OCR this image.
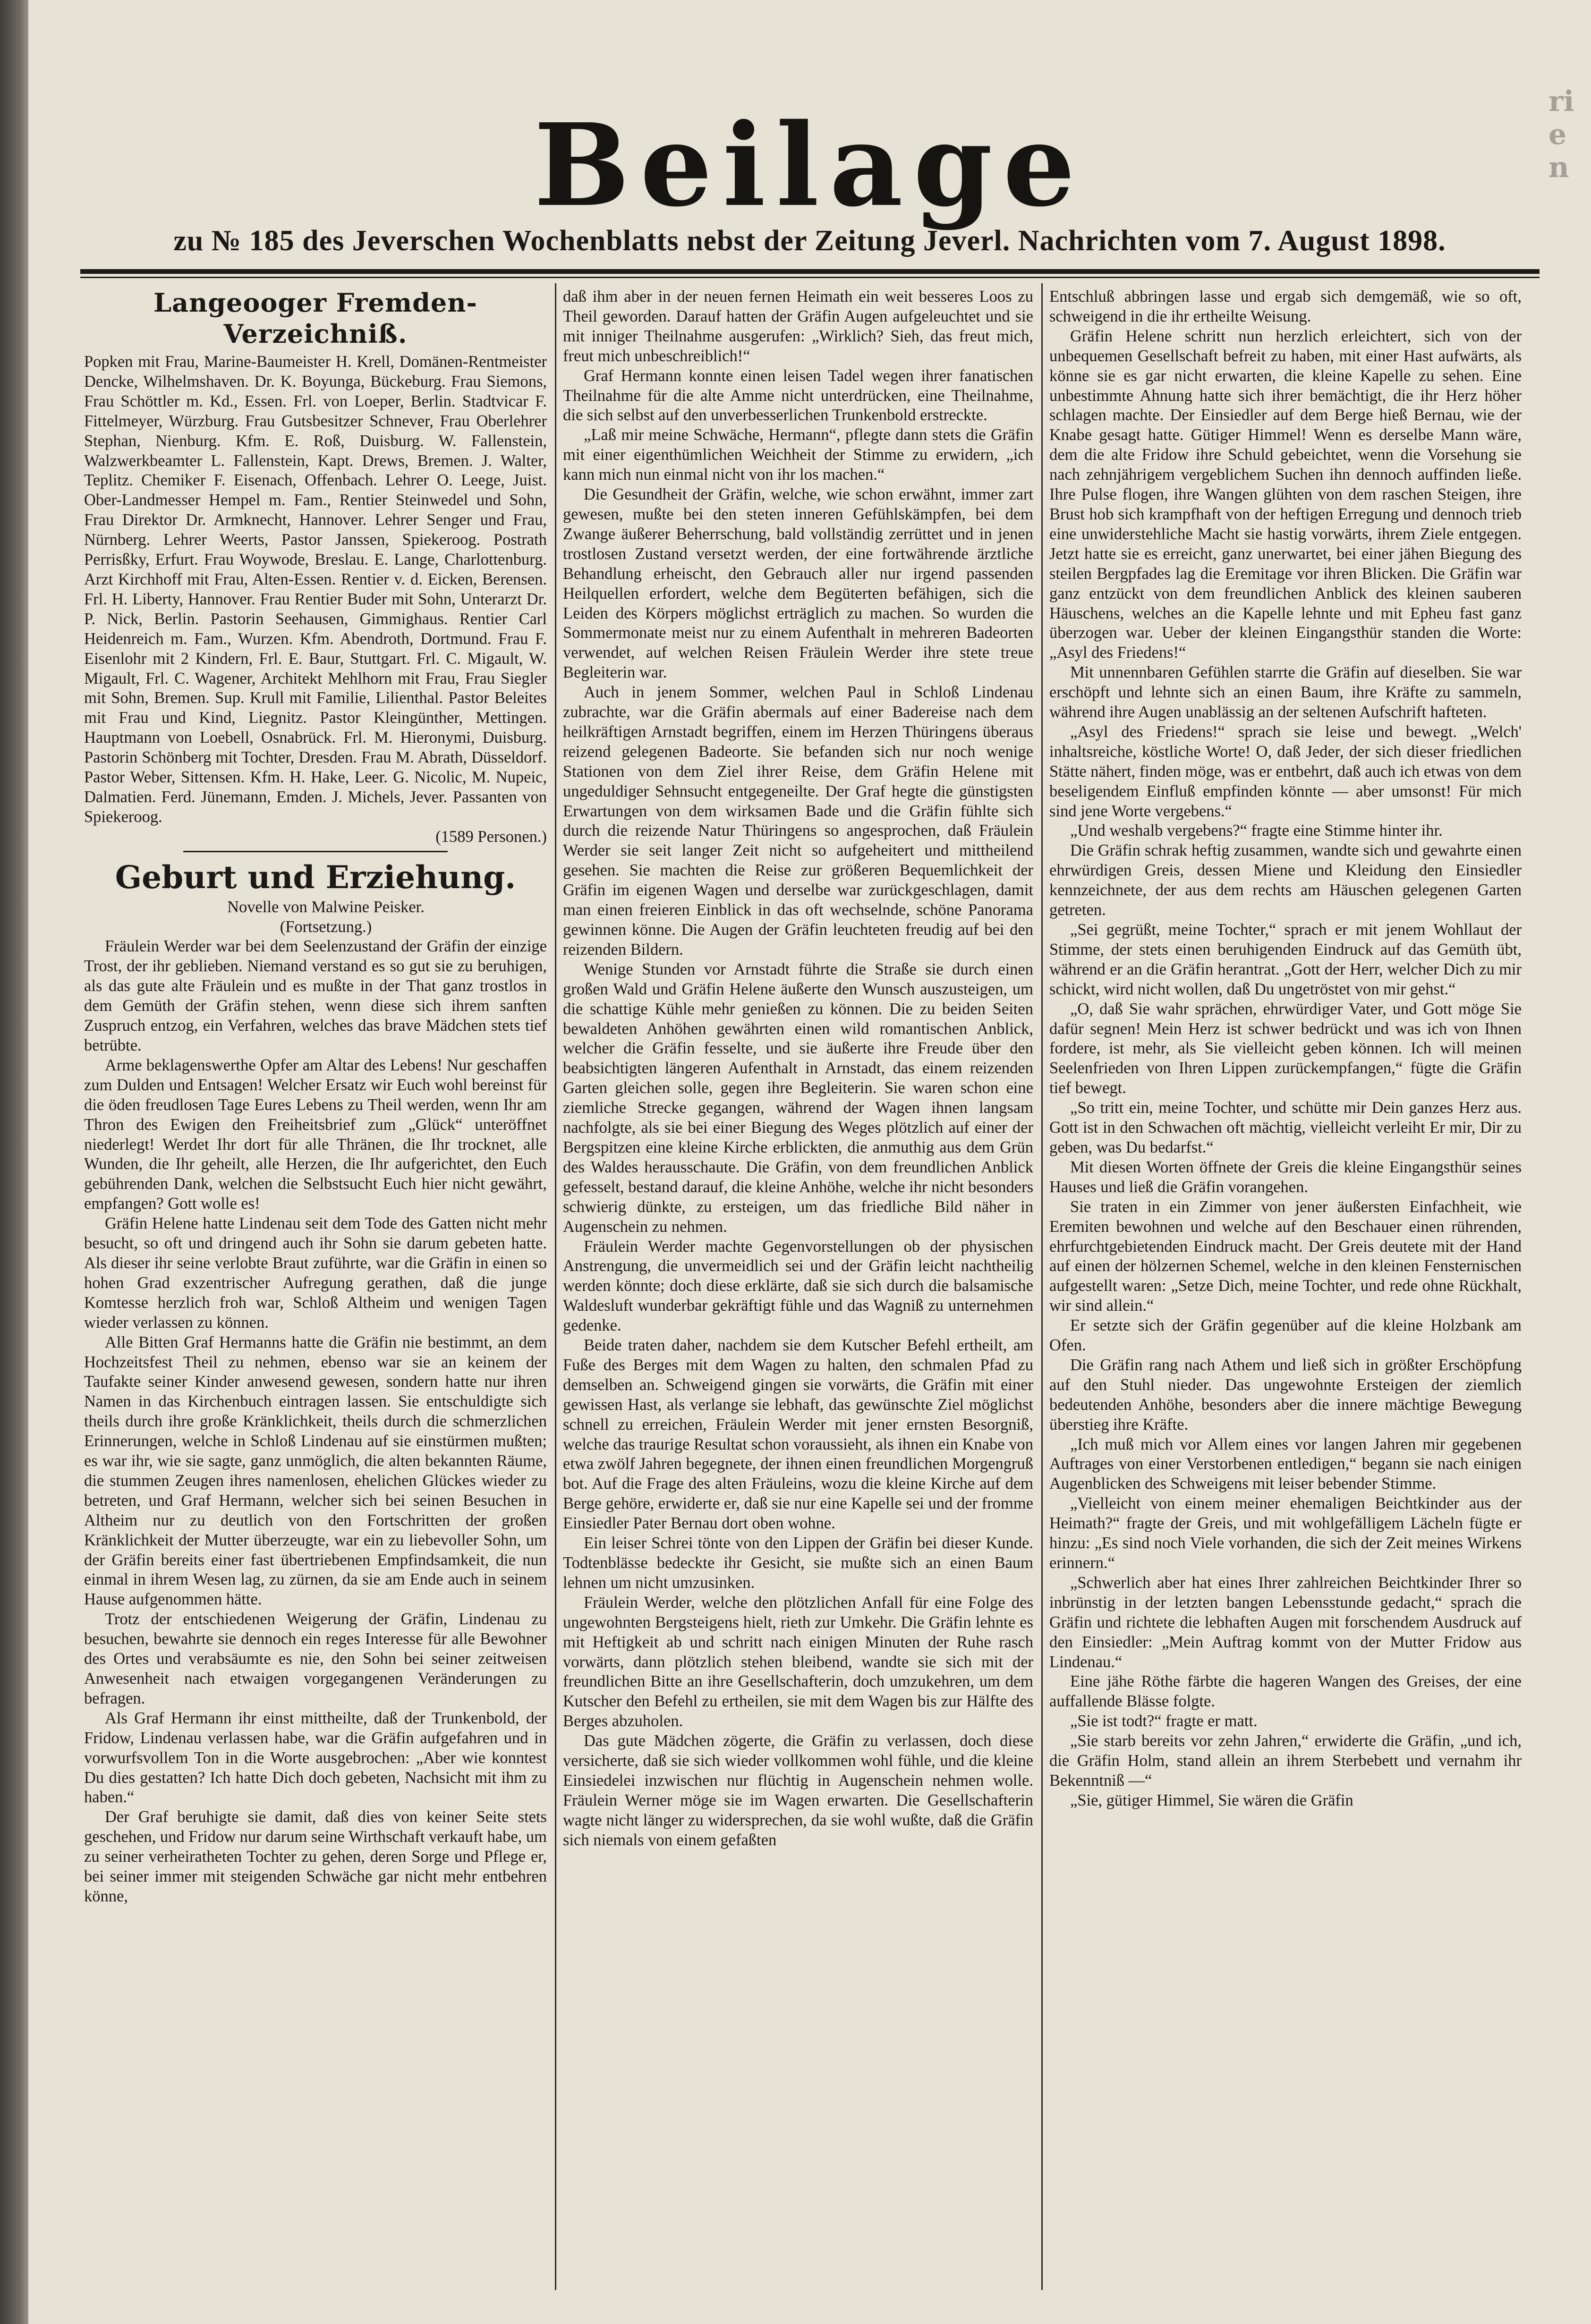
ri
e
n
Beilage
zu № 185 des Jeverschen Wochenblatts nebst der Zeitung Jeverl. Nachrichten vom 7. August 1898.
Langeooger Fremden-Verzeichniß.

Popken mit Frau, Marine-Baumeister H. Krell, Domänen-Rentmeister Dencke, Wilhelmshaven. Dr. K. Boyunga, Bückeburg. Frau Siemons, Frau Schöttler m. Kd., Essen. Frl. von Loeper, Berlin. Stadtvicar F. Fittelmeyer, Würzburg. Frau Gutsbesitzer Schnever, Frau Oberlehrer Stephan, Nienburg. Kfm. E. Roß, Duisburg. W. Fallenstein, Walzwerkbeamter L. Fallenstein, Kapt. Drews, Bremen. J. Walter, Teplitz. Chemiker F. Eisenach, Offenbach. Lehrer O. Leege, Juist. Ober-Landmesser Hempel m. Fam., Rentier Steinwedel und Sohn, Frau Direktor Dr. Armknecht, Hannover. Lehrer Senger und Frau, Nürnberg. Lehrer Weerts, Pastor Janssen, Spiekeroog. Postrath Perrisßky, Erfurt. Frau Woywode, Breslau. E. Lange, Charlottenburg. Arzt Kirchhoff mit Frau, Alten-Essen. Rentier v. d. Eicken, Berensen. Frl. H. Liberty, Hannover. Frau Rentier Buder mit Sohn, Unterarzt Dr. P. Nick, Berlin. Pastorin Seehausen, Gimmighaus. Rentier Carl Heidenreich m. Fam., Wurzen. Kfm. Abendroth, Dortmund. Frau F. Eisenlohr mit 2 Kindern, Frl. E. Baur, Stuttgart. Frl. C. Migault, W. Migault, Frl. C. Wagener, Architekt Mehlhorn mit Frau, Frau Siegler mit Sohn, Bremen. Sup. Krull mit Familie, Lilienthal. Pastor Beleites mit Frau und Kind, Liegnitz. Pastor Kleingünther, Mettingen. Hauptmann von Loebell, Osnabrück. Frl. M. Hieronymi, Duisburg. Pastorin Schönberg mit Tochter, Dresden. Frau M. Abrath, Düsseldorf. Pastor Weber, Sittensen. Kfm. H. Hake, Leer. G. Nicolic, M. Nupeic, Dalmatien. Ferd. Jünemann, Emden. J. Michels, Jever. Passanten von Spiekeroog.

(1589 Personen.)

Geburt und Erziehung.

Novelle von Malwine Peisker.

(Fortsetzung.)

Fräulein Werder war bei dem Seelenzustand der Gräfin der einzige Trost, der ihr geblieben. Niemand verstand es so gut sie zu beruhigen, als das gute alte Fräulein und es mußte in der That ganz trostlos in dem Gemüth der Gräfin stehen, wenn diese sich ihrem sanften Zuspruch entzog, ein Verfahren, welches das brave Mädchen stets tief betrübte.

Arme beklagenswerthe Opfer am Altar des Lebens! Nur geschaffen zum Dulden und Entsagen! Welcher Ersatz wir Euch wohl bereinst für die öden freudlosen Tage Eures Lebens zu Theil werden, wenn Ihr am Thron des Ewigen den Freiheitsbrief zum „Glück“ unteröffnet niederlegt! Werdet Ihr dort für alle Thränen, die Ihr trocknet, alle Wunden, die Ihr geheilt, alle Herzen, die Ihr aufgerichtet, den Euch gebührenden Dank, welchen die Selbstsucht Euch hier nicht gewährt, empfangen? Gott wolle es!

Gräfin Helene hatte Lindenau seit dem Tode des Gatten nicht mehr besucht, so oft und dringend auch ihr Sohn sie darum gebeten hatte. Als dieser ihr seine verlobte Braut zuführte, war die Gräfin in einen so hohen Grad exzentrischer Aufregung gerathen, daß die junge Komtesse herzlich froh war, Schloß Altheim und wenigen Tagen wieder verlassen zu können.

Alle Bitten Graf Hermanns hatte die Gräfin nie bestimmt, an dem Hochzeitsfest Theil zu nehmen, ebenso war sie an keinem der Taufakte seiner Kinder anwesend gewesen, sondern hatte nur ihren Namen in das Kirchenbuch eintragen lassen. Sie entschuldigte sich theils durch ihre große Kränklichkeit, theils durch die schmerzlichen Erinnerungen, welche in Schloß Lindenau auf sie einstürmen mußten; es war ihr, wie sie sagte, ganz unmöglich, die alten bekannten Räume, die stummen Zeugen ihres namenlosen, ehelichen Glückes wieder zu betreten, und Graf Hermann, welcher sich bei seinen Besuchen in Altheim nur zu deutlich von den Fortschritten der großen Kränklichkeit der Mutter überzeugte, war ein zu liebevoller Sohn, um der Gräfin bereits einer fast übertriebenen Empfindsamkeit, die nun einmal in ihrem Wesen lag, zu zürnen, da sie am Ende auch in seinem Hause aufgenommen hätte.

Trotz der entschiedenen Weigerung der Gräfin, Lindenau zu besuchen, bewahrte sie dennoch ein reges Interesse für alle Bewohner des Ortes und verabsäumte es nie, den Sohn bei seiner zeitweisen Anwesenheit nach etwaigen vorgegangenen Veränderungen zu befragen.

Als Graf Hermann ihr einst mittheilte, daß der Trunkenbold, der Fridow, Lindenau verlassen habe, war die Gräfin aufgefahren und in vorwurfsvollem Ton in die Worte ausgebrochen: „Aber wie konntest Du dies gestatten? Ich hatte Dich doch gebeten, Nachsicht mit ihm zu haben.“

Der Graf beruhigte sie damit, daß dies von keiner Seite stets geschehen, und Fridow nur darum seine Wirthschaft verkauft habe, um zu seiner verheiratheten Tochter zu gehen, deren Sorge und Pflege er, bei seiner immer mit steigenden Schwäche gar nicht mehr entbehren könne,

daß ihm aber in der neuen fernen Heimath ein weit besseres Loos zu Theil geworden. Darauf hatten der Gräfin Augen aufgeleuchtet und sie mit inniger Theilnahme ausgerufen: „Wirklich? Sieh, das freut mich, freut mich unbeschreiblich!“

Graf Hermann konnte einen leisen Tadel wegen ihrer fanatischen Theilnahme für die alte Amme nicht unterdrücken, eine Theilnahme, die sich selbst auf den unverbesserlichen Trunkenbold erstreckte.

„Laß mir meine Schwäche, Hermann“, pflegte dann stets die Gräfin mit einer eigenthümlichen Weichheit der Stimme zu erwidern, „ich kann mich nun einmal nicht von ihr los machen.“

Die Gesundheit der Gräfin, welche, wie schon erwähnt, immer zart gewesen, mußte bei den steten inneren Gefühlskämpfen, bei dem Zwange äußerer Beherrschung, bald vollständig zerrüttet und in jenen trostlosen Zustand versetzt werden, der eine fortwährende ärztliche Behandlung erheischt, den Gebrauch aller nur irgend passenden Heilquellen erfordert, welche dem Begüterten befähigen, sich die Leiden des Körpers möglichst erträglich zu machen. So wurden die Sommermonate meist nur zu einem Aufenthalt in mehreren Badeorten verwendet, auf welchen Reisen Fräulein Werder ihre stete treue Begleiterin war.

Auch in jenem Sommer, welchen Paul in Schloß Lindenau zubrachte, war die Gräfin abermals auf einer Badereise nach dem heilkräftigen Arnstadt begriffen, einem im Herzen Thüringens überaus reizend gelegenen Badeorte. Sie befanden sich nur noch wenige Stationen von dem Ziel ihrer Reise, dem Gräfin Helene mit ungeduldiger Sehnsucht entgegeneilte. Der Graf hegte die günstigsten Erwartungen von dem wirksamen Bade und die Gräfin fühlte sich durch die reizende Natur Thüringens so angesprochen, daß Fräulein Werder sie seit langer Zeit nicht so aufgeheitert und mittheilend gesehen. Sie machten die Reise zur größeren Bequemlichkeit der Gräfin im eigenen Wagen und derselbe war zurückgeschlagen, damit man einen freieren Einblick in das oft wechselnde, schöne Panorama gewinnen könne. Die Augen der Gräfin leuchteten freudig auf bei den reizenden Bildern.

Wenige Stunden vor Arnstadt führte die Straße sie durch einen großen Wald und Gräfin Helene äußerte den Wunsch auszusteigen, um die schattige Kühle mehr genießen zu können. Die zu beiden Seiten bewaldeten Anhöhen gewährten einen wild romantischen Anblick, welcher die Gräfin fesselte, und sie äußerte ihre Freude über den beabsichtigten längeren Aufenthalt in Arnstadt, das einem reizenden Garten gleichen solle, gegen ihre Begleiterin. Sie waren schon eine ziemliche Strecke gegangen, während der Wagen ihnen langsam nachfolgte, als sie bei einer Biegung des Weges plötzlich auf einer der Bergspitzen eine kleine Kirche erblickten, die anmuthig aus dem Grün des Waldes herausschaute. Die Gräfin, von dem freundlichen Anblick gefesselt, bestand darauf, die kleine Anhöhe, welche ihr nicht besonders schwierig dünkte, zu ersteigen, um das friedliche Bild näher in Augenschein zu nehmen.

Fräulein Werder machte Gegenvorstellungen ob der physischen Anstrengung, die unvermeidlich sei und der Gräfin leicht nachtheilig werden könnte; doch diese erklärte, daß sie sich durch die balsamische Waldesluft wunderbar gekräftigt fühle und das Wagniß zu unternehmen gedenke.

Beide traten daher, nachdem sie dem Kutscher Befehl ertheilt, am Fuße des Berges mit dem Wagen zu halten, den schmalen Pfad zu demselben an. Schweigend gingen sie vorwärts, die Gräfin mit einer gewissen Hast, als verlange sie lebhaft, das gewünschte Ziel möglichst schnell zu erreichen, Fräulein Werder mit jener ernsten Besorgniß, welche das traurige Resultat schon voraussieht, als ihnen ein Knabe von etwa zwölf Jahren begegnete, der ihnen einen freundlichen Morgengruß bot. Auf die Frage des alten Fräuleins, wozu die kleine Kirche auf dem Berge gehöre, erwiderte er, daß sie nur eine Kapelle sei und der fromme Einsiedler Pater Bernau dort oben wohne.

Ein leiser Schrei tönte von den Lippen der Gräfin bei dieser Kunde. Todtenblässe bedeckte ihr Gesicht, sie mußte sich an einen Baum lehnen um nicht umzusinken.

Fräulein Werder, welche den plötzlichen Anfall für eine Folge des ungewohnten Bergsteigens hielt, rieth zur Umkehr. Die Gräfin lehnte es mit Heftigkeit ab und schritt nach einigen Minuten der Ruhe rasch vorwärts, dann plötzlich stehen bleibend, wandte sie sich mit der freundlichen Bitte an ihre Gesellschafterin, doch umzukehren, um dem Kutscher den Befehl zu ertheilen, sie mit dem Wagen bis zur Hälfte des Berges abzuholen.

Das gute Mädchen zögerte, die Gräfin zu verlassen, doch diese versicherte, daß sie sich wieder vollkommen wohl fühle, und die kleine Einsiedelei inzwischen nur flüchtig in Augenschein nehmen wolle. Fräulein Werner möge sie im Wagen erwarten. Die Gesellschafterin wagte nicht länger zu widersprechen, da sie wohl wußte, daß die Gräfin sich niemals von einem gefaßten

Entschluß abbringen lasse und ergab sich demgemäß, wie so oft, schweigend in die ihr ertheilte Weisung.

Gräfin Helene schritt nun herzlich erleichtert, sich von der unbequemen Gesellschaft befreit zu haben, mit einer Hast aufwärts, als könne sie es gar nicht erwarten, die kleine Kapelle zu sehen. Eine unbestimmte Ahnung hatte sich ihrer bemächtigt, die ihr Herz höher schlagen machte. Der Einsiedler auf dem Berge hieß Bernau, wie der Knabe gesagt hatte. Gütiger Himmel! Wenn es derselbe Mann wäre, dem die alte Fridow ihre Schuld gebeichtet, wenn die Vorsehung sie nach zehnjährigem vergeblichem Suchen ihn dennoch auffinden ließe. Ihre Pulse flogen, ihre Wangen glühten von dem raschen Steigen, ihre Brust hob sich krampfhaft von der heftigen Erregung und dennoch trieb eine unwiderstehliche Macht sie hastig vorwärts, ihrem Ziele entgegen. Jetzt hatte sie es erreicht, ganz unerwartet, bei einer jähen Biegung des steilen Bergpfades lag die Eremitage vor ihren Blicken. Die Gräfin war ganz entzückt von dem freundlichen Anblick des kleinen sauberen Häuschens, welches an die Kapelle lehnte und mit Epheu fast ganz überzogen war. Ueber der kleinen Eingangsthür standen die Worte: „Asyl des Friedens!“

Mit unnennbaren Gefühlen starrte die Gräfin auf dieselben. Sie war erschöpft und lehnte sich an einen Baum, ihre Kräfte zu sammeln, während ihre Augen unablässig an der seltenen Aufschrift hafteten.

„Asyl des Friedens!“ sprach sie leise und bewegt. „Welch' inhaltsreiche, köstliche Worte! O, daß Jeder, der sich dieser friedlichen Stätte nähert, finden möge, was er entbehrt, daß auch ich etwas von dem beseligendem Einfluß empfinden könnte — aber umsonst! Für mich sind jene Worte vergebens.“

„Und weshalb vergebens?“ fragte eine Stimme hinter ihr.

Die Gräfin schrak heftig zusammen, wandte sich und gewahrte einen ehrwürdigen Greis, dessen Miene und Kleidung den Einsiedler kennzeichnete, der aus dem rechts am Häuschen gelegenen Garten getreten.

„Sei gegrüßt, meine Tochter,“ sprach er mit jenem Wohllaut der Stimme, der stets einen beruhigenden Eindruck auf das Gemüth übt, während er an die Gräfin herantrat. „Gott der Herr, welcher Dich zu mir schickt, wird nicht wollen, daß Du ungetröstet von mir gehst.“

„O, daß Sie wahr sprächen, ehrwürdiger Vater, und Gott möge Sie dafür segnen! Mein Herz ist schwer bedrückt und was ich von Ihnen fordere, ist mehr, als Sie vielleicht geben können. Ich will meinen Seelenfrieden von Ihren Lippen zurückempfangen,“ fügte die Gräfin tief bewegt.

„So tritt ein, meine Tochter, und schütte mir Dein ganzes Herz aus. Gott ist in den Schwachen oft mächtig, vielleicht verleiht Er mir, Dir zu geben, was Du bedarfst.“

Mit diesen Worten öffnete der Greis die kleine Eingangsthür seines Hauses und ließ die Gräfin vorangehen.

Sie traten in ein Zimmer von jener äußersten Einfachheit, wie Eremiten bewohnen und welche auf den Beschauer einen rührenden, ehrfurchtgebietenden Eindruck macht. Der Greis deutete mit der Hand auf einen der hölzernen Schemel, welche in den kleinen Fensternischen aufgestellt waren: „Setze Dich, meine Tochter, und rede ohne Rückhalt, wir sind allein.“

Er setzte sich der Gräfin gegenüber auf die kleine Holzbank am Ofen.

Die Gräfin rang nach Athem und ließ sich in größter Erschöpfung auf den Stuhl nieder. Das ungewohnte Ersteigen der ziemlich bedeutenden Anhöhe, besonders aber die innere mächtige Bewegung überstieg ihre Kräfte.

„Ich muß mich vor Allem eines vor langen Jahren mir gegebenen Auftrages von einer Verstorbenen entledigen,“ begann sie nach einigen Augenblicken des Schweigens mit leiser bebender Stimme.

„Vielleicht von einem meiner ehemaligen Beichtkinder aus der Heimath?“ fragte der Greis, und mit wohlgefälligem Lächeln fügte er hinzu: „Es sind noch Viele vorhanden, die sich der Zeit meines Wirkens erinnern.“

„Schwerlich aber hat eines Ihrer zahlreichen Beichtkinder Ihrer so inbrünstig in der letzten bangen Lebensstunde gedacht,“ sprach die Gräfin und richtete die lebhaften Augen mit forschendem Ausdruck auf den Einsiedler: „Mein Auftrag kommt von der Mutter Fridow aus Lindenau.“

Eine jähe Röthe färbte die hageren Wangen des Greises, der eine auffallende Blässe folgte.

„Sie ist todt?“ fragte er matt.

„Sie starb bereits vor zehn Jahren,“ erwiderte die Gräfin, „und ich, die Gräfin Holm, stand allein an ihrem Sterbebett und vernahm ihr Bekenntniß —“

„Sie, gütiger Himmel, Sie wären die Gräfin
